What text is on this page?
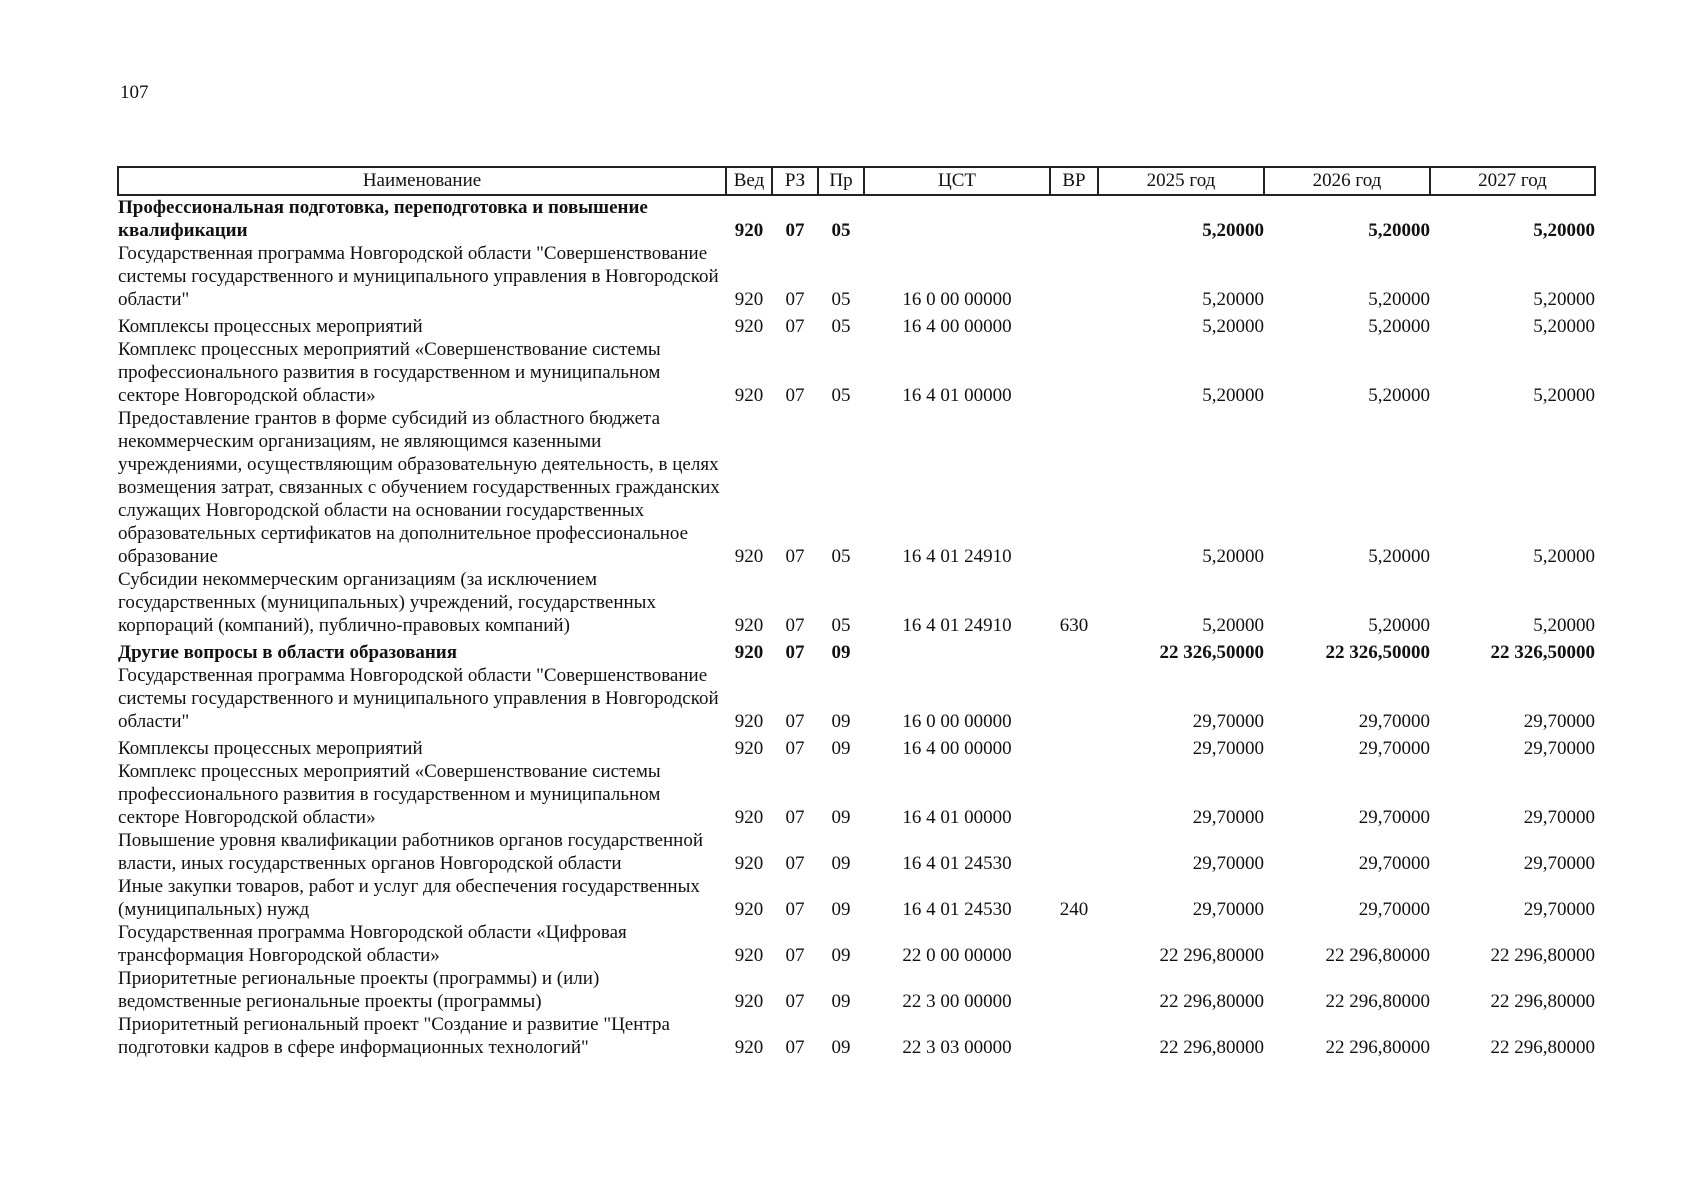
107
Наименование	Вед	РЗ	Пр	ЦСТ	ВР	2025 год	2026 год	2027 год
Профессиональная подготовка, переподготовка и повышение квалификации	920	07	05			5,20000	5,20000	5,20000
Государственная программа Новгородской области "Совершенствование системы государственного и муниципального управления в Новгородской области"	920	07	05	16 0 00 00000		5,20000	5,20000	5,20000
Комплексы процессных мероприятий	920	07	05	16 4 00 00000		5,20000	5,20000	5,20000
Комплекс процессных мероприятий «Совершенствование системы профессионального развития в государственном и муниципальном секторе Новгородской области»	920	07	05	16 4 01 00000		5,20000	5,20000	5,20000
Предоставление грантов в форме субсидий из областного бюджета некоммерческим организациям, не являющимся казенными учреждениями, осуществляющим образовательную деятельность, в целях возмещения затрат, связанных с обучением государственных гражданских служащих Новгородской области на основании государственных образовательных сертификатов на дополнительное профессиональное образование	920	07	05	16 4 01 24910		5,20000	5,20000	5,20000
Субсидии некоммерческим организациям (за исключением государственных (муниципальных) учреждений, государственных корпораций (компаний), публично-правовых компаний)	920	07	05	16 4 01 24910	630	5,20000	5,20000	5,20000
Другие вопросы в области образования	920	07	09			22 326,50000	22 326,50000	22 326,50000
Государственная программа Новгородской области "Совершенствование системы государственного и муниципального управления в Новгородской области"	920	07	09	16 0 00 00000		29,70000	29,70000	29,70000
Комплексы процессных мероприятий	920	07	09	16 4 00 00000		29,70000	29,70000	29,70000
Комплекс процессных мероприятий «Совершенствование системы профессионального развития в государственном и муниципальном секторе Новгородской области»	920	07	09	16 4 01 00000		29,70000	29,70000	29,70000
Повышение уровня квалификации работников органов государственной власти, иных государственных органов Новгородской области	920	07	09	16 4 01 24530		29,70000	29,70000	29,70000
Иные закупки товаров, работ и услуг для обеспечения государственных (муниципальных) нужд	920	07	09	16 4 01 24530	240	29,70000	29,70000	29,70000
Государственная программа Новгородской области «Цифровая трансформация Новгородской области»	920	07	09	22 0 00 00000		22 296,80000	22 296,80000	22 296,80000
Приоритетные региональные проекты (программы) и (или) ведомственные региональные проекты (программы)	920	07	09	22 3 00 00000		22 296,80000	22 296,80000	22 296,80000
Приоритетный региональный проект "Создание и развитие "Центра подготовки кадров в сфере информационных технологий"	920	07	09	22 3 03 00000		22 296,80000	22 296,80000	22 296,80000
